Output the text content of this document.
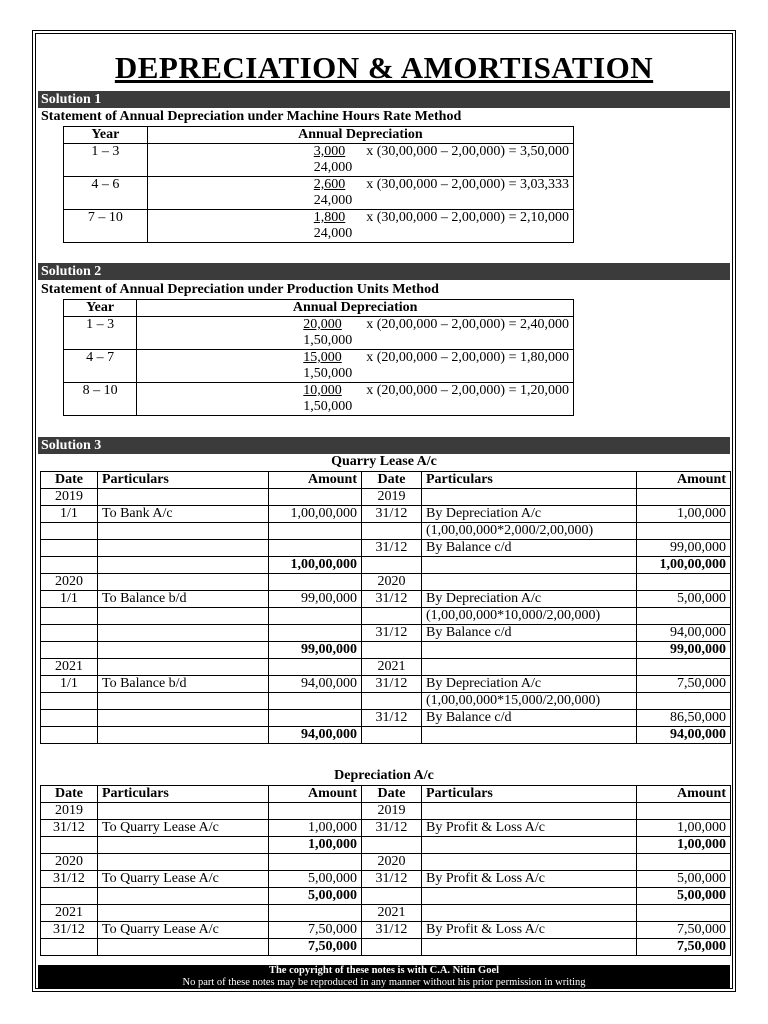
DEPRECIATION & AMORTISATION
Solution 1
Statement of Annual Depreciation under Machine Hours Rate Method
Year	Annual Depreciation
1 – 3	$\frac{3,000}{24,000}$ x (30,00,000 – 2,00,000) = 3,50,000
4 – 6	$\frac{2,600}{24,000}$ x (30,00,000 – 2,00,000) = 3,03,333
7 – 10	$\frac{1,800}{24,000}$ x (30,00,000 – 2,00,000) = 2,10,000
Solution 2
Statement of Annual Depreciation under Production Units Method
Year	Annual Depreciation
1 – 3	$\frac{20,000}{1,50,000}$ x (20,00,000 – 2,00,000) = 2,40,000
4 – 7	$\frac{15,000}{1,50,000}$ x (20,00,000 – 2,00,000) = 1,80,000
8 – 10	$\frac{10,000}{1,50,000}$ x (20,00,000 – 2,00,000) = 1,20,000
Solution 3
Quarry Lease A/c
Date	Particulars	Amount	Date	Particulars	Amount
2019			2019		
1/1	To Bank A/c	1,00,00,000	31/12	By Depreciation A/c	1,00,000
				(1,00,00,000*2,000/2,00,000)	
			31/12	By Balance c/d	99,00,000
		1,00,00,000			1,00,00,000
2020			2020		
1/1	To Balance b/d	99,00,000	31/12	By Depreciation A/c	5,00,000
				(1,00,00,000*10,000/2,00,000)	
			31/12	By Balance c/d	94,00,000
		99,00,000			99,00,000
2021			2021		
1/1	To Balance b/d	94,00,000	31/12	By Depreciation A/c	7,50,000
				(1,00,00,000*15,000/2,00,000)	
			31/12	By Balance c/d	86,50,000
		94,00,000			94,00,000
Depreciation A/c
Date	Particulars	Amount	Date	Particulars	Amount
2019			2019		
31/12	To Quarry Lease A/c	1,00,000	31/12	By Profit & Loss A/c	1,00,000
		1,00,000			1,00,000
2020			2020		
31/12	To Quarry Lease A/c	5,00,000	31/12	By Profit & Loss A/c	5,00,000
		5,00,000			5,00,000
2021			2021		
31/12	To Quarry Lease A/c	7,50,000	31/12	By Profit & Loss A/c	7,50,000
		7,50,000			7,50,000
The copyright of these notes is with C.A. Nitin Goel
No part of these notes may be reproduced in any manner without his prior permission in writing
